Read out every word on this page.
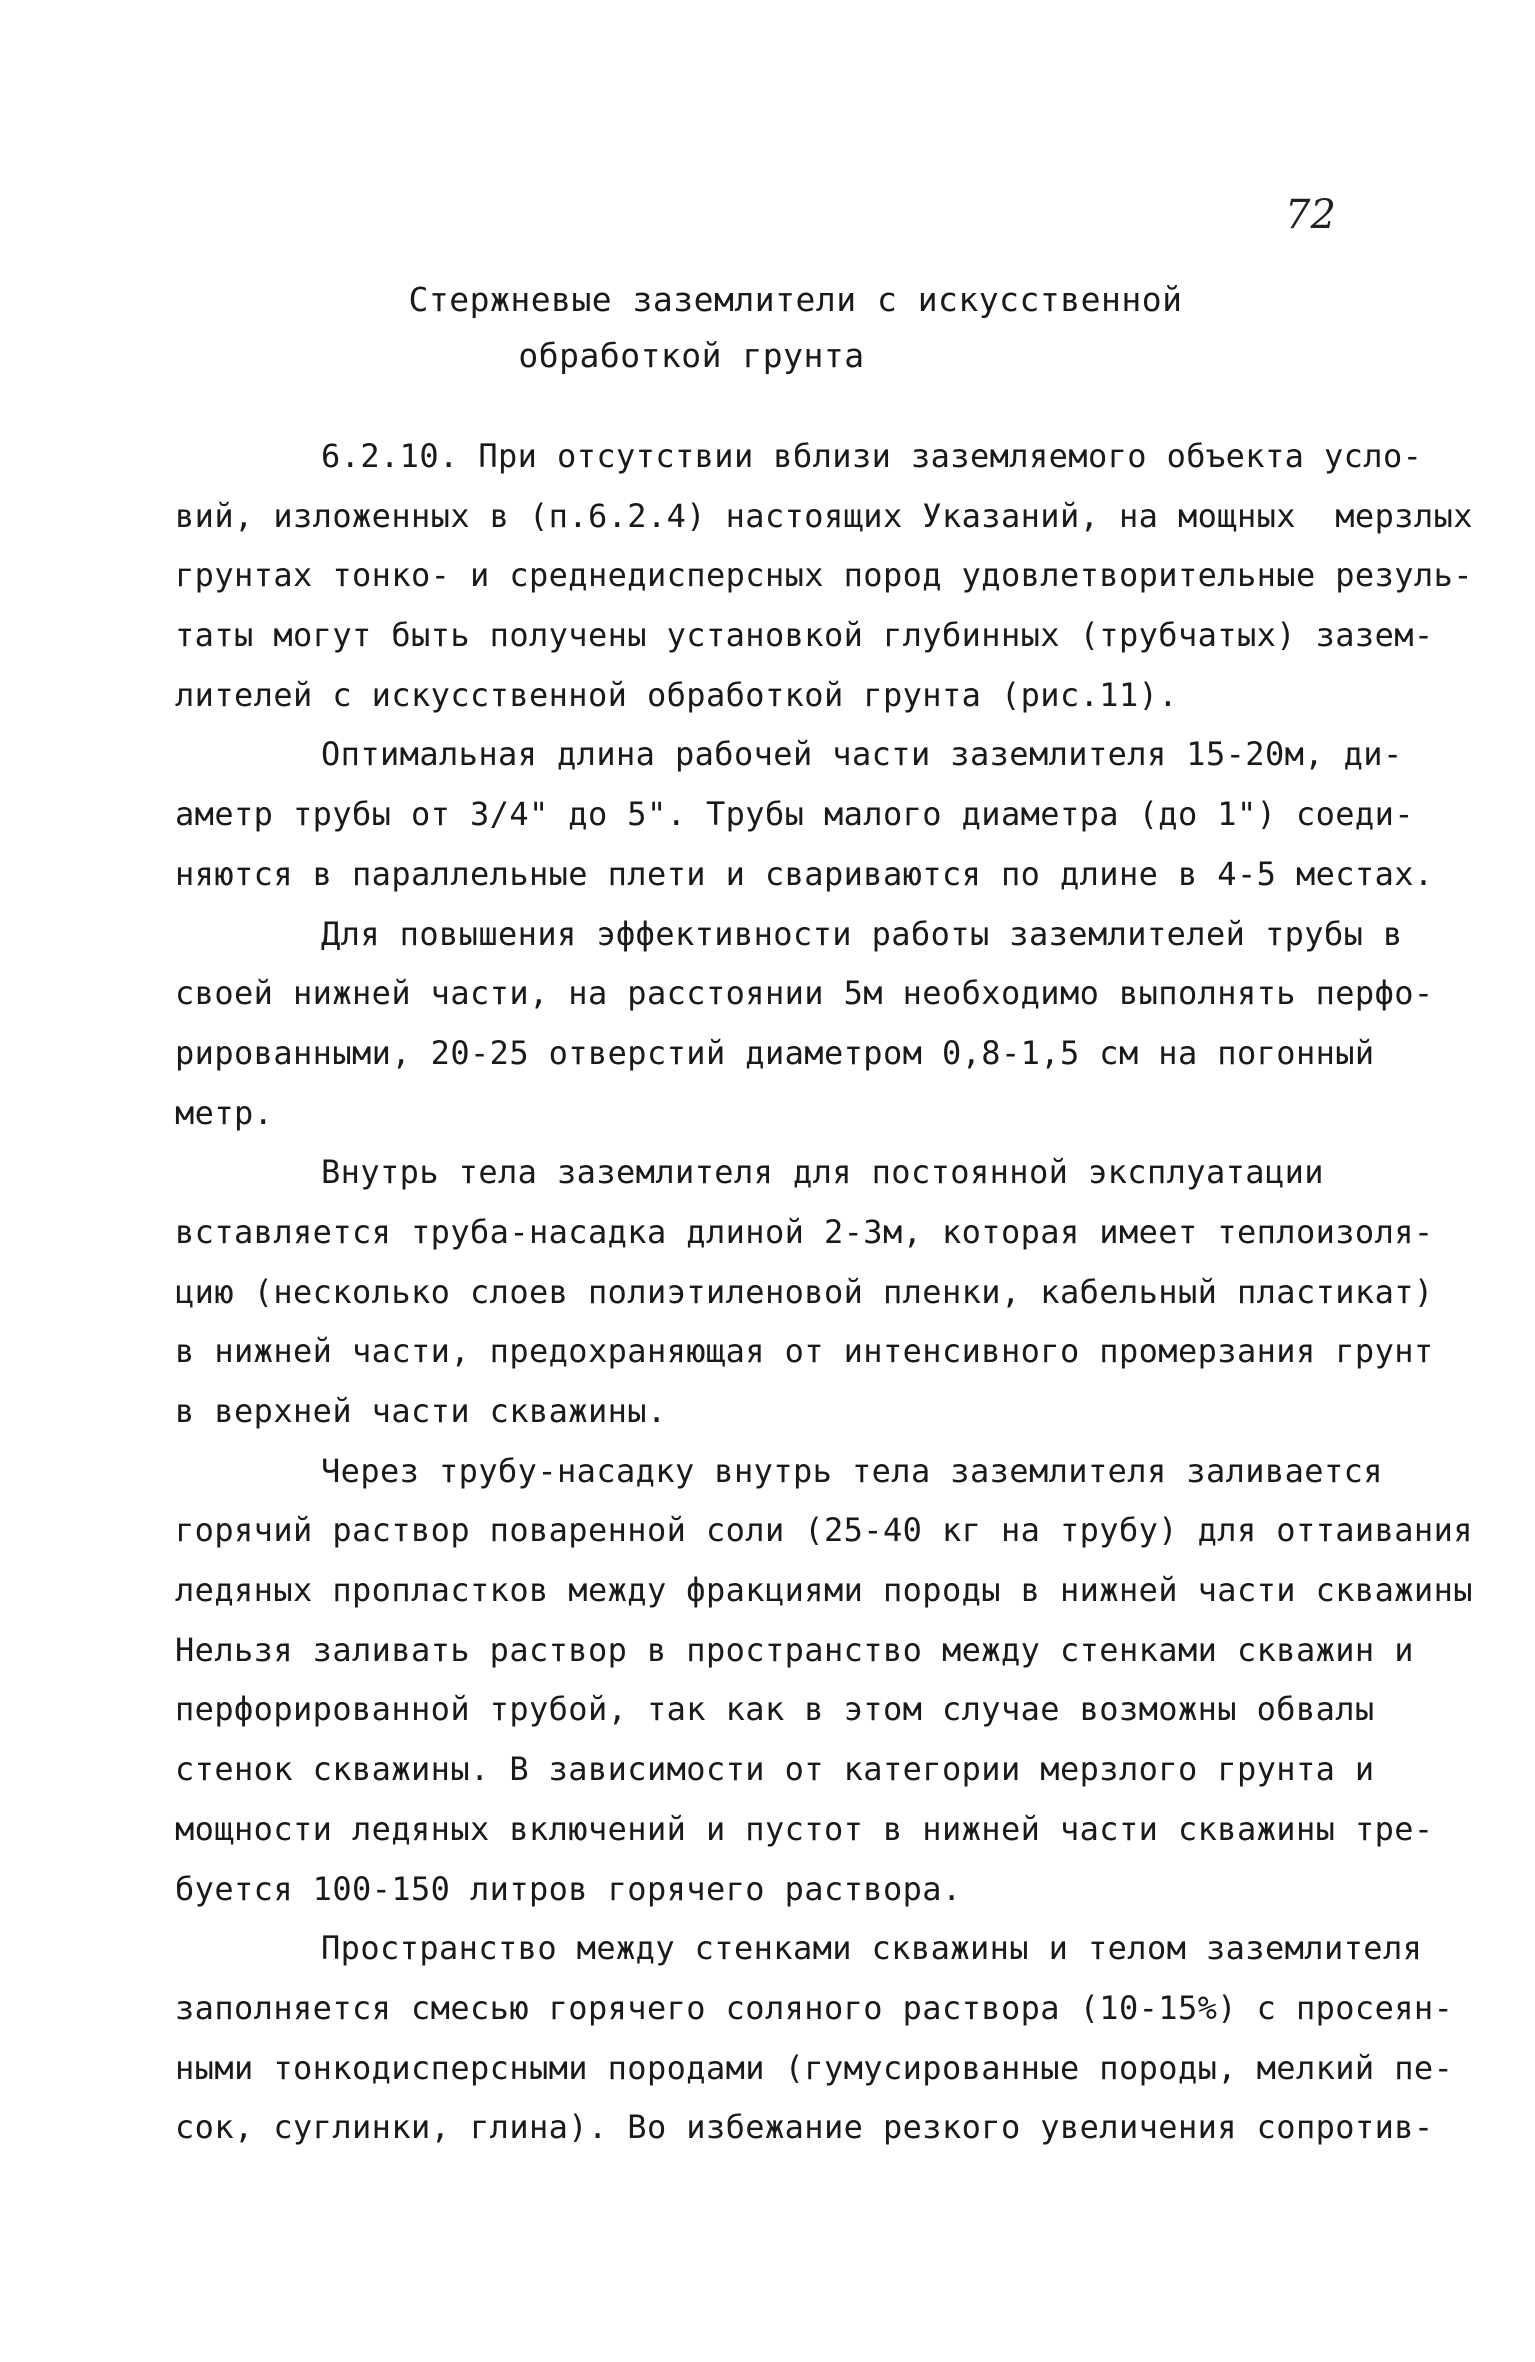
72
Стержневые заземлители с искусственной
обработкой грунта
6.2.10. При отсутствии вблизи заземляемого объекта усло-
вий, изложенных в (п.6.2.4) настоящих Указаний, на мощных  мерзлых
грунтах тонко- и среднедисперсных пород удовлетворительные резуль-
таты могут быть получены установкой глубинных (трубчатых) зазем-
лителей с искусственной обработкой грунта (рис.11).
Оптимальная длина рабочей части заземлителя 15-20м, ди-
аметр трубы от 3/4" до 5". Трубы малого диаметра (до 1") соеди-
няются в параллельные плети и свариваются по длине в 4-5 местах.
Для повышения эффективности работы заземлителей трубы в
своей нижней части, на расстоянии 5м необходимо выполнять перфо-
рированными, 20-25 отверстий диаметром 0,8-1,5 см на погонный
метр.
Внутрь тела заземлителя для постоянной эксплуатации
вставляется труба-насадка длиной 2-3м, которая имеет теплоизоля-
цию (несколько слоев полиэтиленовой пленки, кабельный пластикат)
в нижней части, предохраняющая от интенсивного промерзания грунт
в верхней части скважины.
Через трубу-насадку внутрь тела заземлителя заливается
горячий раствор поваренной соли (25-40 кг на трубу) для оттаивания
ледяных пропластков между фракциями породы в нижней части скважины
Нельзя заливать раствор в пространство между стенками скважин и
перфорированной трубой, так как в этом случае возможны обвалы
стенок скважины. В зависимости от категории мерзлого грунта и
мощности ледяных включений и пустот в нижней части скважины тре-
буется 100-150 литров горячего раствора.
Пространство между стенками скважины и телом заземлителя
заполняется смесью горячего соляного раствора (10-15%) с просеян-
ными тонкодисперсными породами (гумусированные породы, мелкий пе-
сок, суглинки, глина). Во избежание резкого увеличения сопротив-
